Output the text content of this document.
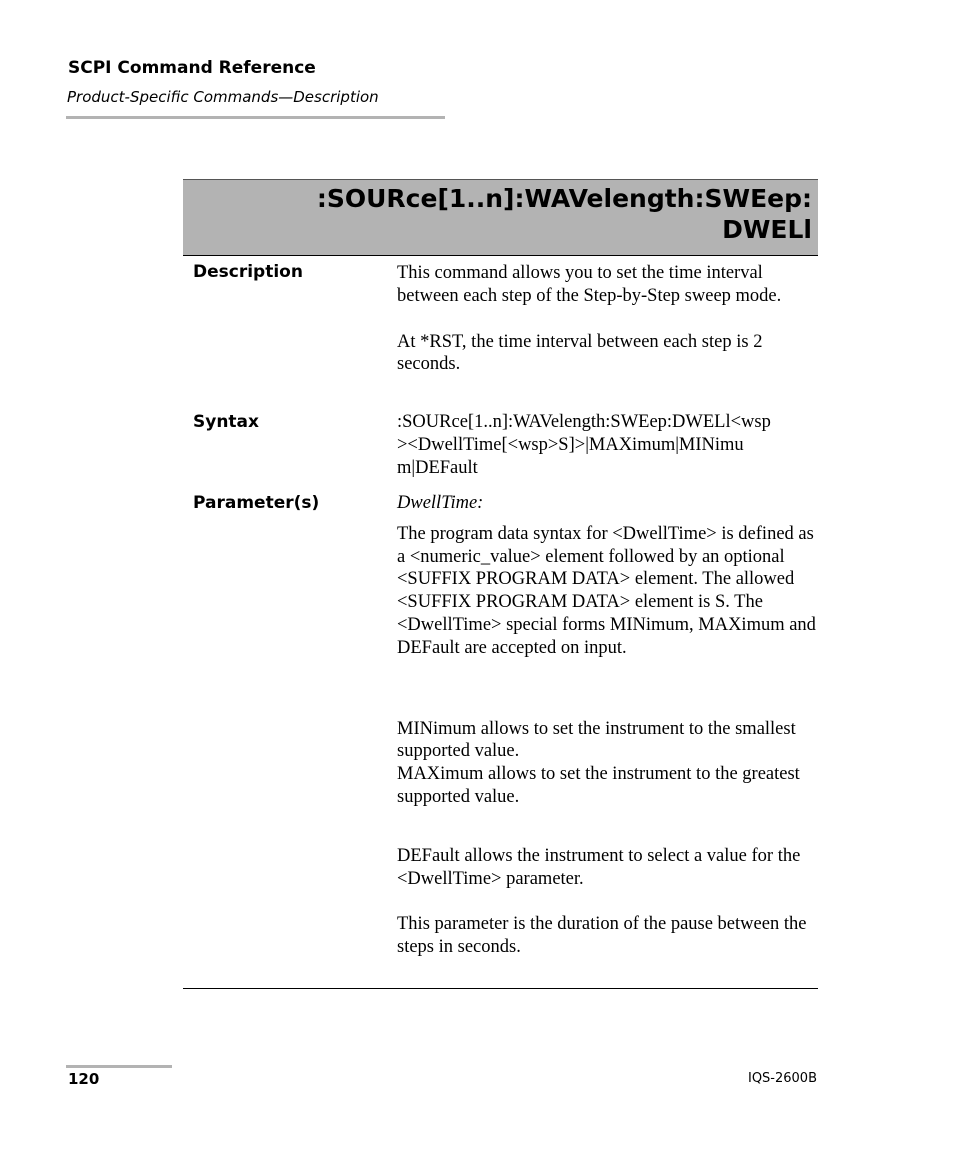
SCPI Command Reference
Product-Specific Commands—Description
:SOURce[1..n]:WAVelength:SWEep:
DWELl
Description	This command allows you to set the time interval between each step of the Step-by-Step sweep mode.

At *RST, the time interval between each step is 2 seconds.

Syntax	:SOURce[1..n]:WAVelength:SWEep:DWELl<wsp
><DwellTime[<wsp>S]>|MAXimum|MINimu
m|DEFault
Parameter(s)	DwellTime:

The program data syntax for <DwellTime> is defined as a <numeric_value> element followed by an optional <SUFFIX PROGRAM DATA> element. The allowed <SUFFIX PROGRAM DATA> element is S. The <DwellTime> special forms MINimum, MAXimum and DEFault are accepted on input.

MINimum allows to set the instrument to the smallest supported value.

MAXimum allows to set the instrument to the greatest supported value.

DEFault allows the instrument to select a value for the <DwellTime> parameter.

This parameter is the duration of the pause between the steps in seconds.

120	IQS-2600B
